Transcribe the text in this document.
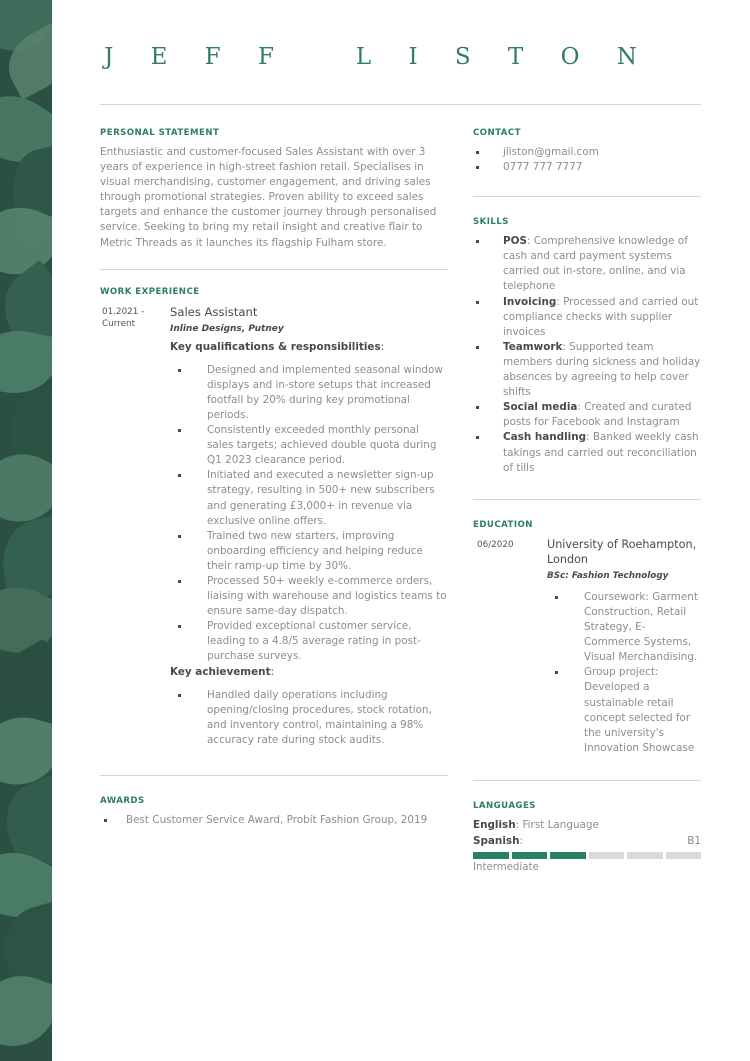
J E F F   L I S T O N
PERSONAL STATEMENT

Enthusiastic and customer-focused Sales Assistant with over 3 years of experience in high-street fashion retail. Specialises in visual merchandising, customer engagement, and driving sales through promotional strategies. Proven ability to exceed sales targets and enhance the customer journey through personalised service. Seeking to bring my retail insight and creative flair to Metric Threads as it launches its flagship Fulham store.

WORK EXPERIENCE
01.2021 - Current
Sales Assistant
Inline Designs, Putney
Key qualifications & responsibilities:
Designed and implemented seasonal window displays and in-store setups that increased footfall by 20% during key promotional periods.
Consistently exceeded monthly personal sales targets; achieved double quota during Q1 2023 clearance period.
Initiated and executed a newsletter sign-up strategy, resulting in 500+ new subscribers and generating £3,000+ in revenue via exclusive online offers.
Trained two new starters, improving onboarding efficiency and helping reduce their ramp-up time by 30%.
Processed 50+ weekly e-commerce orders, liaising with warehouse and logistics teams to ensure same-day dispatch.
Provided exceptional customer service, leading to a 4.8/5 average rating in post-purchase surveys.
Key achievement:
Handled daily operations including opening/closing procedures, stock rotation, and inventory control, maintaining a 98% accuracy rate during stock audits.
AWARDS
Best Customer Service Award, Probit Fashion Group, 2019
CONTACT
jliston@gmail.com
0777 777 7777
SKILLS
POS: Comprehensive knowledge of cash and card payment systems carried out in-store, online, and via telephone
Invoicing: Processed and carried out compliance checks with supplier invoices
Teamwork: Supported team members during sickness and holiday absences by agreeing to help cover shifts
Social media: Created and curated posts for Facebook and Instagram
Cash handling: Banked weekly cash takings and carried out reconciliation of tills
EDUCATION
06/2020	University of Roehampton, London
BSc: Fashion Technology
Coursework: Garment Construction, Retail Strategy, E-Commerce Systems, Visual Merchandising.
Group project: Developed a sustainable retail concept selected for the university's Innovation Showcase
LANGUAGES
English: First Language
Spanish:	B1
Intermediate
